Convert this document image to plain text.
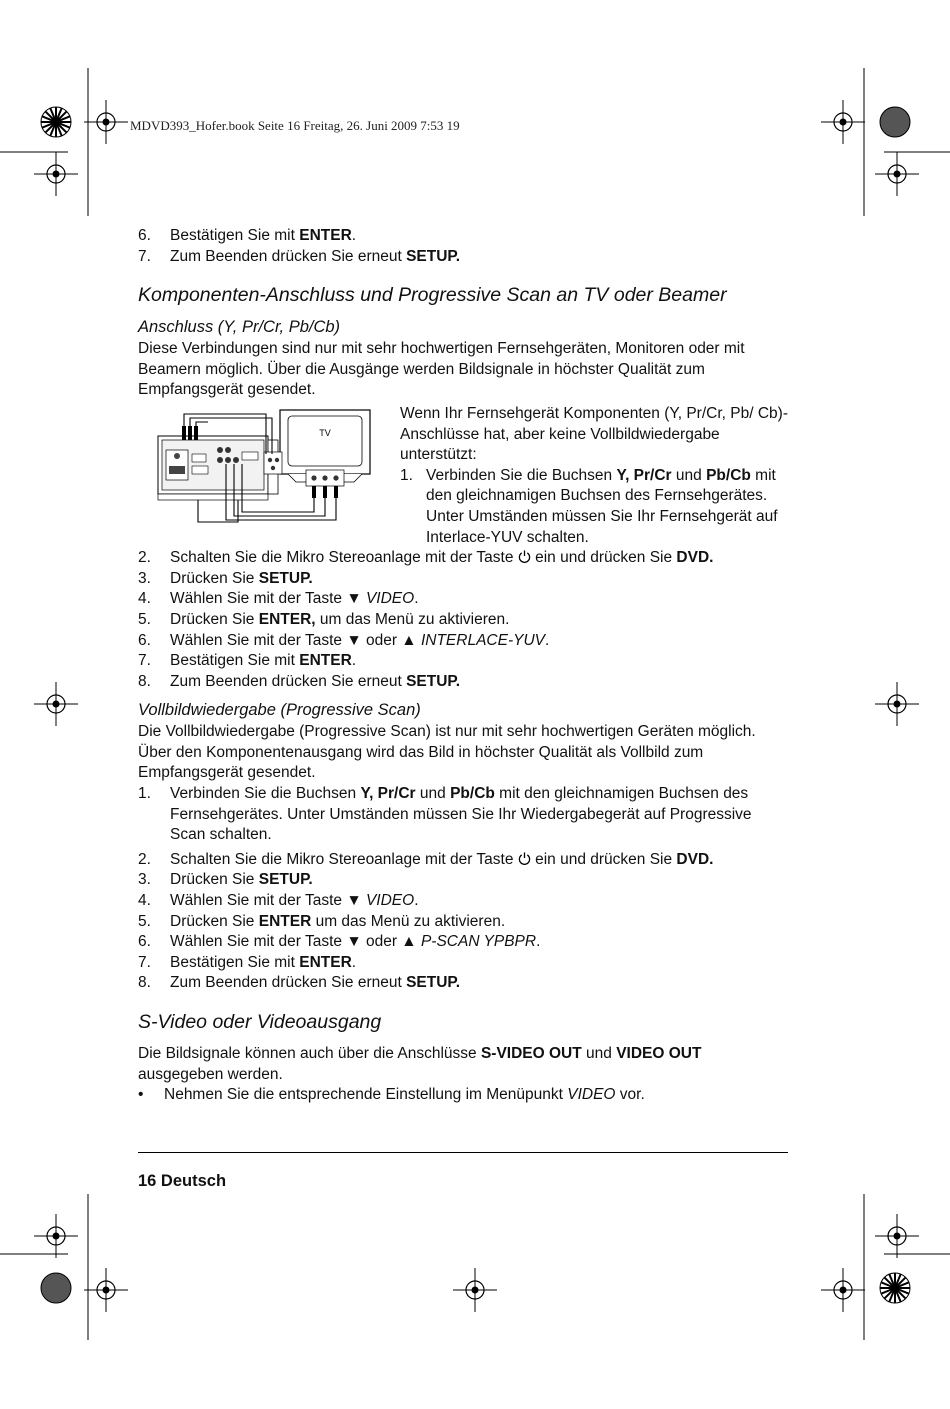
MDVD393_Hofer.book Seite 16 Freitag, 26. Juni 2009 7:53 19
6.	Bestätigen Sie mit ENTER.
7.	Zum Beenden drücken Sie erneut SETUP.
Komponenten-Anschluss und Progressive Scan an TV oder Beamer
Anschluss (Y, Pr/Cr, Pb/Cb)

Diese Verbindungen sind nur mit sehr hochwertigen Fernsehgeräten, Monitoren oder mit Beamern möglich. Über die Ausgänge werden Bildsignale in höchster Qualität zum Empfangsgerät gesendet.

TV

Wenn Ihr Fernsehgerät Komponenten (Y, Pr/Cr, Pb/ Cb)-Anschlüsse hat, aber keine Vollbildwiedergabe unterstützt:

1. Verbinden Sie die Buchsen Y, Pr/Cr und Pb/Cb mit den gleichnamigen Buchsen des Fernsehgerätes. Unter Umständen müssen Sie Ihr Fernsehgerät auf Interlace-YUV schalten.
2.	Schalten Sie die Mikro Stereoanlage mit der Taste  ein und drücken Sie DVD.
3.	Drücken Sie SETUP.
4.	Wählen Sie mit der Taste ▼ VIDEO.
5.	Drücken Sie ENTER, um das Menü zu aktivieren.
6.	Wählen Sie mit der Taste ▼ oder ▲ INTERLACE-YUV.
7.	Bestätigen Sie mit ENTER.
8.	Zum Beenden drücken Sie erneut SETUP.
Vollbildwiedergabe (Progressive Scan)

Die Vollbildwiedergabe (Progressive Scan) ist nur mit sehr hochwertigen Geräten möglich. Über den Komponentenausgang wird das Bild in höchster Qualität als Vollbild zum Empfangsgerät gesendet.

1.	Verbinden Sie die Buchsen Y, Pr/Cr und Pb/Cb mit den gleichnamigen Buchsen des Fernsehgerätes. Unter Umständen müssen Sie Ihr Wiedergabegerät auf Progressive Scan schalten.
2.	Schalten Sie die Mikro Stereoanlage mit der Taste  ein und drücken Sie DVD.
3.	Drücken Sie SETUP.
4.	Wählen Sie mit der Taste ▼ VIDEO.
5.	Drücken Sie ENTER um das Menü zu aktivieren.
6.	Wählen Sie mit der Taste ▼ oder ▲ P-SCAN YPBPR.
7.	Bestätigen Sie mit ENTER.
8.	Zum Beenden drücken Sie erneut SETUP.
S-Video oder Videoausgang

Die Bildsignale können auch über die Anschlüsse S-VIDEO OUT und VIDEO OUT ausgegeben werden.

•	Nehmen Sie die entsprechende Einstellung im Menüpunkt VIDEO vor.
16 Deutsch
